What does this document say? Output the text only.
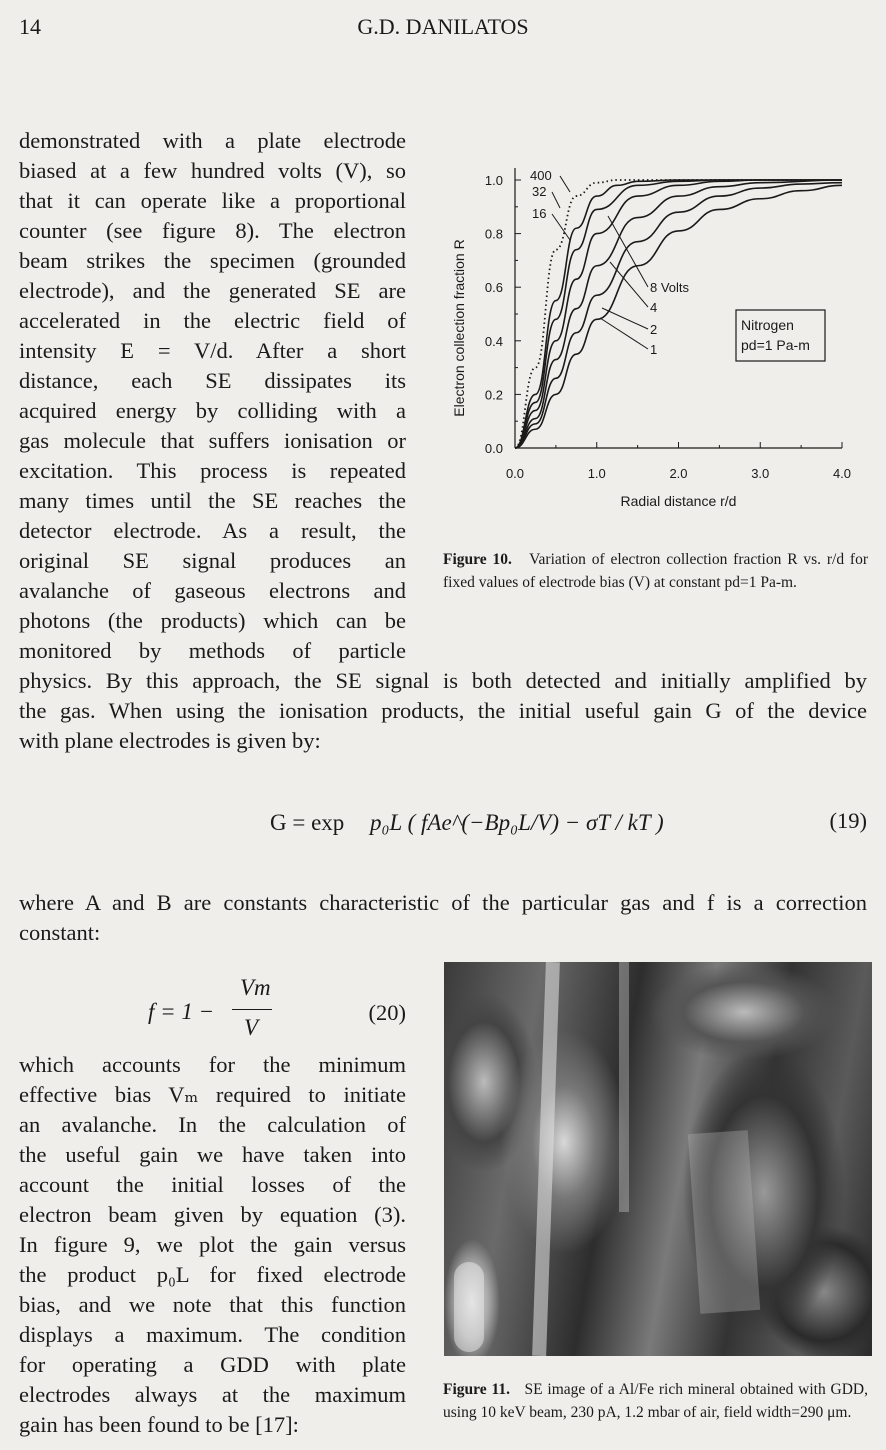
14	G.D. DANILATOS
demonstrated with a plate electrode
biased at a few hundred volts (V), so
that it can operate like a proportional
counter (see figure 8). The electron
beam strikes the specimen (grounded
electrode), and the generated SE are
accelerated in the electric field of
intensity E = V/d. After a short
distance, each SE dissipates its
acquired energy by colliding with a
gas molecule that suffers ionisation or
excitation. This process is repeated
many times until the SE reaches the
detector electrode. As a result, the
original SE signal produces an
avalanche of gaseous electrons and
photons (the products) which can be
monitored by methods of particle
0.0	1.0	2.0	3.0	4.0
0.0
0.2
0.4
0.6
0.8
1.0
Radial distance r/d
Electron collection fraction R
400
32
16
8 Volts
4
2
1
Nitrogen
pd=1 Pa-m
Figure 10. Variation of electron collection fraction R vs. r/d for fixed values of electrode bias (V) at constant pd=1 Pa-m.
physics. By this approach, the SE signal is both detected and initially amplified by
the gas. When using the ionisation products, the initial useful gain G of the device
with plane electrodes is given by:
G = exp p₀L ( fAe^(−Bp₀L/V) − σT / kT )	(19)
where A and B are constants characteristic of the particular gas and f is a correction
constant:
f = 1 −
Vm
V
(20)
which accounts for the minimum
effective bias Vₘ required to initiate
an avalanche. In the calculation of
the useful gain we have taken into
account the initial losses of the
electron beam given by equation (3).
In figure 9, we plot the gain versus
the product p₀L for fixed electrode
bias, and we note that this function
displays a maximum. The condition
for operating a GDD with plate
electrodes always at the maximum
gain has been found to be [17]:
Figure 11. SE image of a Al/Fe rich mineral obtained with GDD, using 10 keV beam, 230 pA, 1.2 mbar of air, field width=290 μm.
